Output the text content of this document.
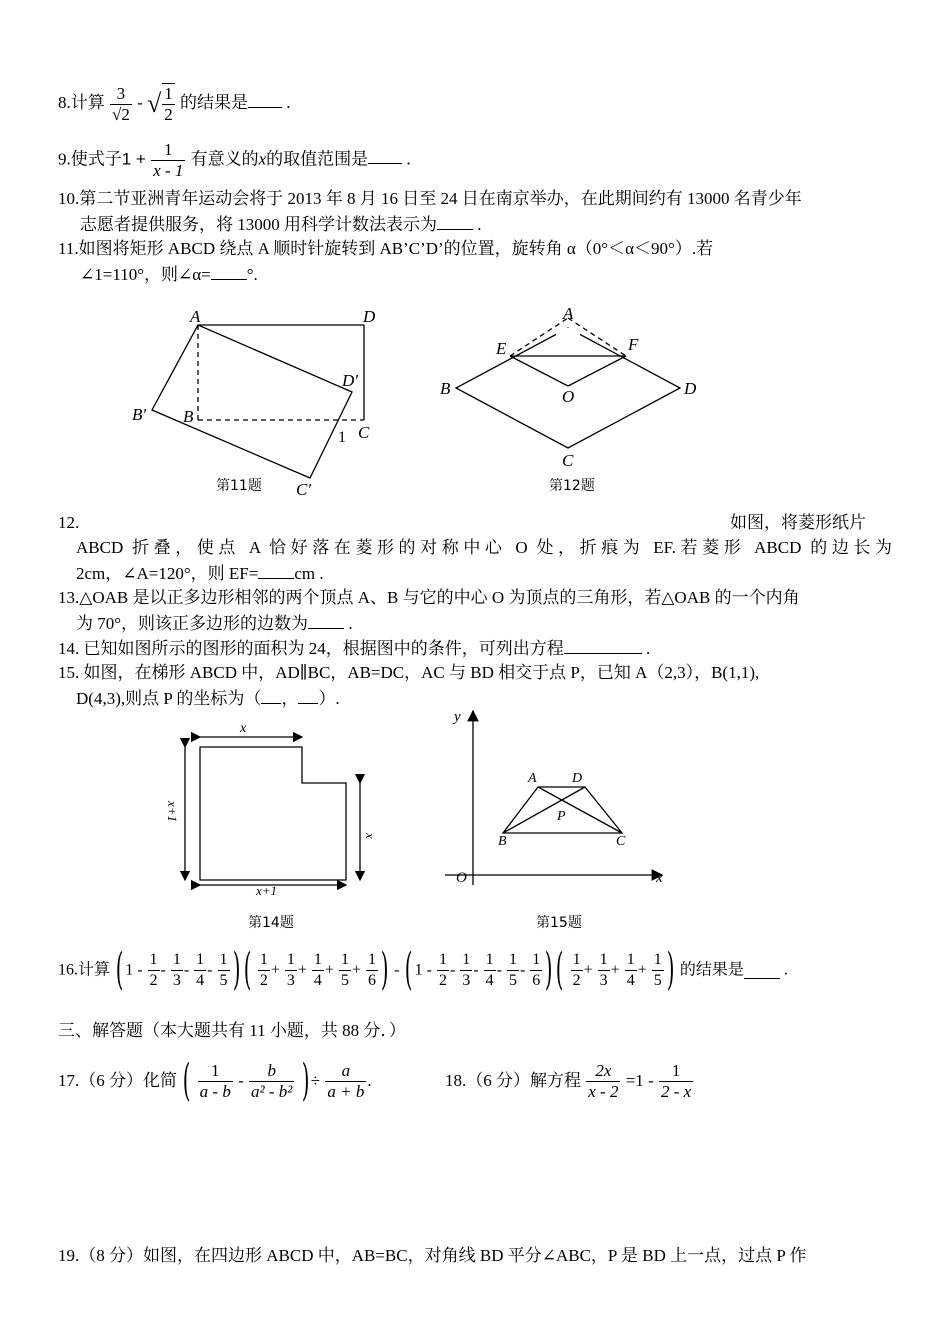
8.计算 $\frac{3}{√2}$ - √ $\frac{1}{2}$ 的结果是 .
9.使式子$1 + \frac{1}{x - 1}$ 有意义的x的取值范围是 .
10.第二节亚洲青年运动会将于 2013 年 8 月 16 日至 24 日在南京举办，在此期间约有 13000 名青少年
志愿者提供服务，将 13000 用科学计数法表示为 .
11.如图将矩形 ABCD 绕点 A 顺时针旋转到 AB’C’D’的位置，旋转角 α（0°＜α＜90°）.若
∠1=110°，则∠α= °.
A	D
D′
B′ B
C
1
C′
第11题
A
E	F
B	O	D
C
第12题
12.	如图，将菱形纸片
ABCD 折叠，使点 A 恰好落在菱形的对称中心 O 处，折痕为 EF.若菱形 ABCD 的边长为
2cm，∠A=120°，则 EF= cm .
13.△OAB 是以正多边形相邻的两个顶点 A、B 与它的中心 O 为顶点的三角形，若△OAB 的一个内角
为 70°，则该正多边形的边数为 .
14. 已知如图所示的图形的面积为 24，根据图中的条件，可列出方程	.
15. 如图，在梯形 ABCD 中，AD∥BC，AB=DC，AC 与 BD 相交于点 P，已知 A（2,3），B(1,1),
D(4,3),则点 P 的坐标为（ ， ）.
x
x+1
x
x+1
第14题
y
x
O
A	D
P
B	C
第15题
16.计算 ( $1 - \frac{1}{2} - \frac{1}{3} - \frac{1}{4} - \frac{1}{5}$ )( $\frac{1}{2} + \frac{1}{3} + \frac{1}{4} + \frac{1}{5} + \frac{1}{6}$ ) - ( $1 - \frac{1}{2} - \frac{1}{3} - \frac{1}{4} - \frac{1}{5} - \frac{1}{6}$ )( $\frac{1}{2} + \frac{1}{3} + \frac{1}{4} + \frac{1}{5}$ ) 的结果是	.
三、解答题（本大题共有 11 小题，共 88 分．）
17.（6 分）化简 ( $\frac{1}{a - b} - \frac{b}{\text{a² - b²}}$ ) ÷ $\frac{a}{a + b}$ .	18.（6 分）解方程 $\frac{2x}{x - 2} =1 - \frac{1}{2 - x}$
19.（8 分）如图，在四边形 ABCD 中，AB=BC，对角线 BD 平分∠ABC，P 是 BD 上一点，过点 P 作
